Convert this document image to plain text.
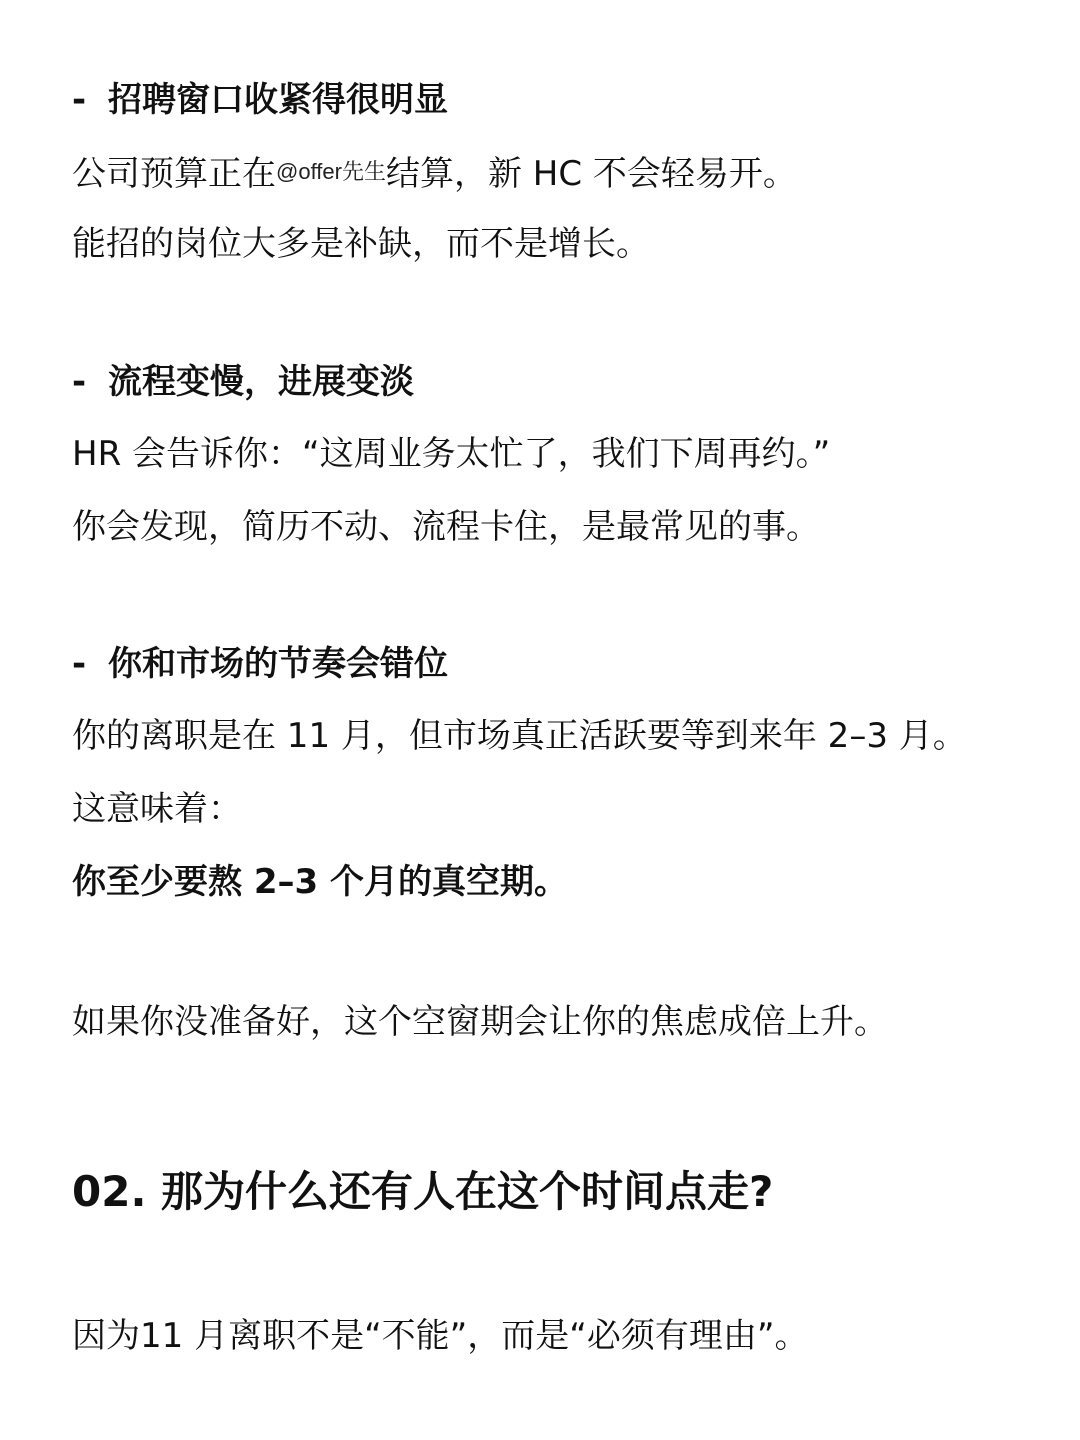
- 招聘窗口收紧得很明显
公司预算正在@offer先生结算，新 HC 不会轻易开。
能招的岗位大多是补缺，而不是增长。
- 流程变慢，进展变淡
HR 会告诉你：“这周业务太忙了，我们下周再约。”
你会发现，简历不动、流程卡住，是最常见的事。
- 你和市场的节奏会错位
你的离职是在 11 月，但市场真正活跃要等到来年 2–3 月。
这意味着：
你至少要熬 2–3 个月的真空期。
如果你没准备好，这个空窗期会让你的焦虑成倍上升。
02. 那为什么还有人在这个时间点走?
因为11 月离职不是“不能”，而是“必须有理由”。
